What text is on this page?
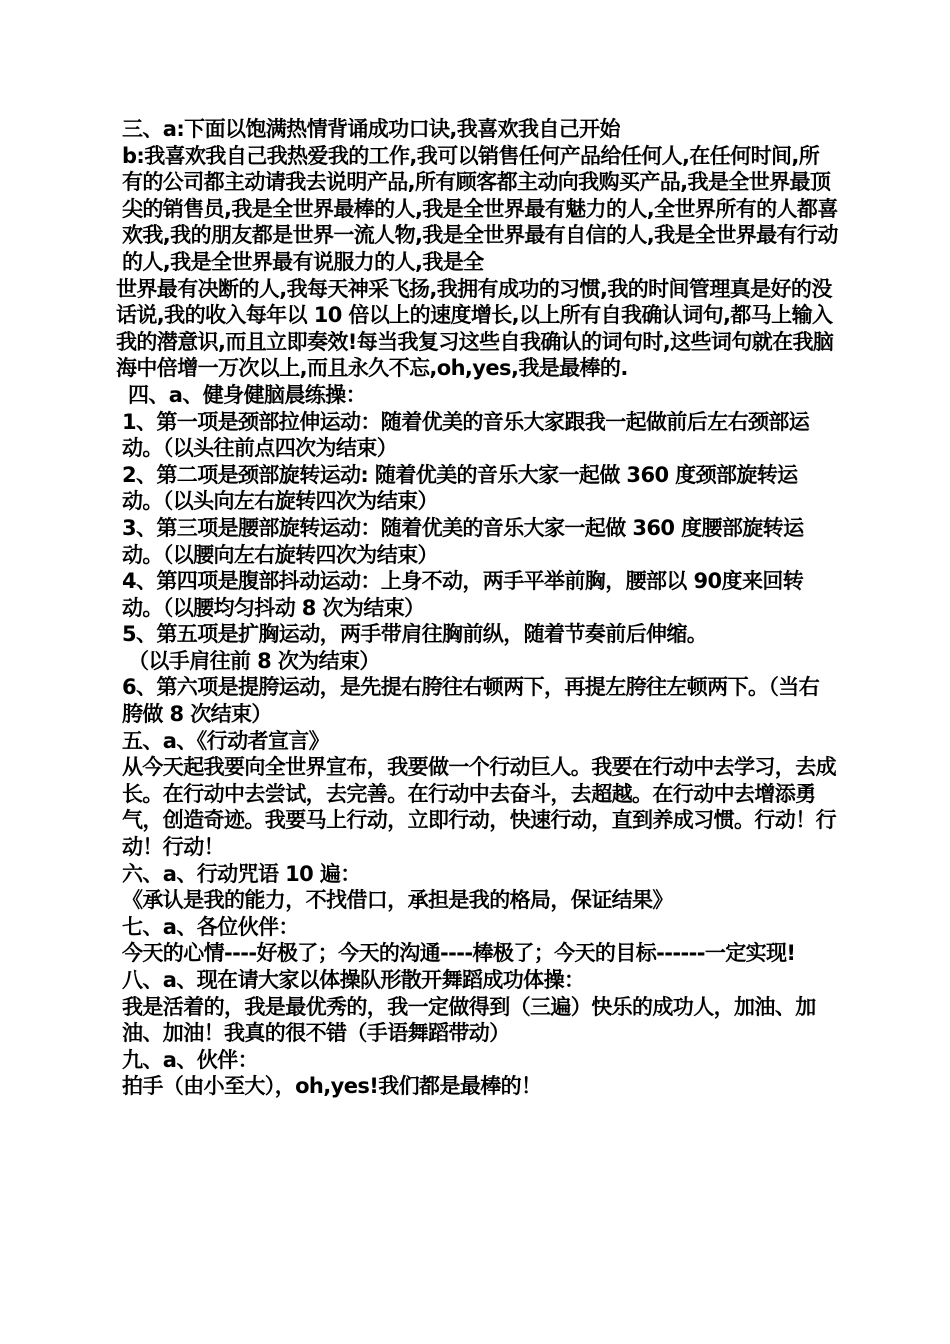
三、a:下面以饱满热情背诵成功口诀,我喜欢我自己开始

b:我喜欢我自己我热爱我的工作,我可以销售任何产品给任何人,在任何时间,所有的公司都主动请我去说明产品,所有顾客都主动向我购买产品,我是全世界最顶尖的销售员,我是全世界最棒的人,我是全世界最有魅力的人,全世界所有的人都喜欢我,我的朋友都是世界一流人物,我是全世界最有自信的人,我是全世界最有行动的人,我是全世界最有说服力的人,我是全

世界最有决断的人,我每天神采飞扬,我拥有成功的习惯,我的时间管理真是好的没话说,我的收入每年以 10 倍以上的速度增长,以上所有自我确认词句,都马上输入我的潜意识,而且立即奏效!每当我复习这些自我确认的词句时,这些词句就在我脑海中倍增一万次以上,而且永久不忘,oh,yes,我是最棒的.

四、a、健身健脑晨练操：

1、第一项是颈部拉伸运动：随着优美的音乐大家跟我一起做前后左右颈部运动。（以头往前点四次为结束）

2、第二项是颈部旋转运动: 随着优美的音乐大家一起做 360 度颈部旋转运动。（以头向左右旋转四次为结束）

3、第三项是腰部旋转运动：随着优美的音乐大家一起做 360 度腰部旋转运动。（以腰向左右旋转四次为结束）

4、第四项是腹部抖动运动：上身不动，两手平举前胸，腰部以 90度来回转动。（以腰均匀抖动 8 次为结束）

5、第五项是扩胸运动，两手带肩往胸前纵，随着节奏前后伸缩。

（以手肩往前 8 次为结束）

6、第六项是提胯运动，是先提右胯往右顿两下，再提左胯往左顿两下。（当右胯做 8 次结束）

五、a、《行动者宣言》

从今天起我要向全世界宣布，我要做一个行动巨人。我要在行动中去学习，去成长。在行动中去尝试，去完善。在行动中去奋斗，去超越。在行动中去增添勇气，创造奇迹。我要马上行动，立即行动，快速行动，直到养成习惯。行动！行动！行动！

六、a、行动咒语 10 遍：

《承认是我的能力，不找借口，承担是我的格局，保证结果》

七、a、各位伙伴：

今天的心情----好极了；今天的沟通----棒极了；今天的目标------一定实现!

八、a、现在请大家以体操队形散开舞蹈成功体操：

我是活着的，我是最优秀的，我一定做得到（三遍）快乐的成功人，加油、加油、加油！我真的很不错（手语舞蹈带动）

九、a、伙伴：

拍手（由小至大），oh,yes!我们都是最棒的！
